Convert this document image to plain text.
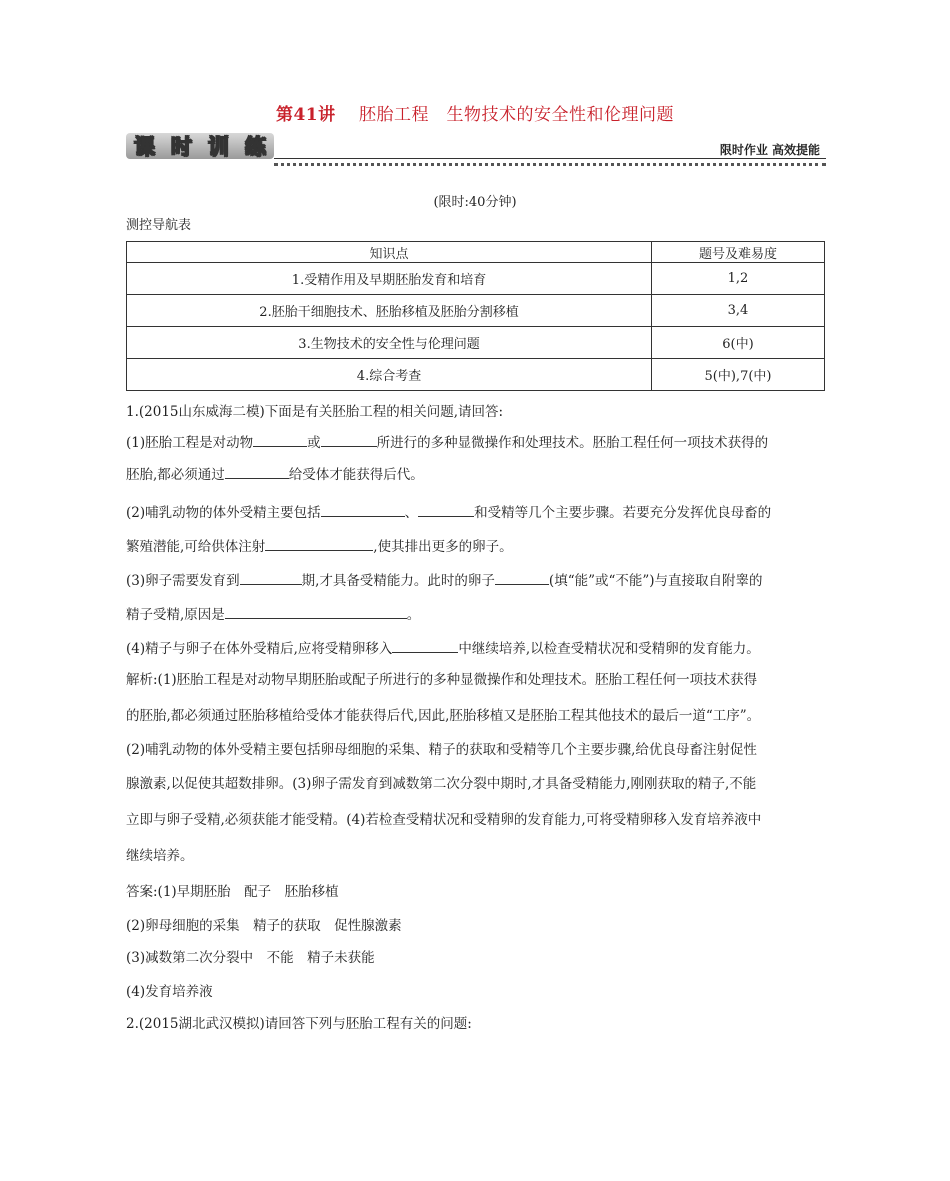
第41讲　 胚胎工程　生物技术的安全性和伦理问题
课 时 训 练	限时作业 高效提能
(限时:40分钟)
测控导航表
知识点	题号及难易度
1.受精作用及早期胚胎发育和培育	1,2
2.胚胎干细胞技术、胚胎移植及胚胎分割移植	3,4
3.生物技术的安全性与伦理问题	6(中)
4.综合考查	5(中),7(中)
1.(2015山东威海二模)下面是有关胚胎工程的相关问题,请回答:
(1)胚胎工程是对动物	或	所进行的多种显微操作和处理技术。胚胎工程任何一项技术获得的
胚胎,都必须通过	给受体才能获得后代。
(2)哺乳动物的体外受精主要包括	、	和受精等几个主要步骤。若要充分发挥优良母畜的
繁殖潜能,可给供体注射	,使其排出更多的卵子。
(3)卵子需要发育到	期,才具备受精能力。此时的卵子	(填“能”或“不能”)与直接取自附睾的
精子受精,原因是	。
(4)精子与卵子在体外受精后,应将受精卵移入	中继续培养,以检查受精状况和受精卵的发育能力。
解析:(1)胚胎工程是对动物早期胚胎或配子所进行的多种显微操作和处理技术。胚胎工程任何一项技术获得
的胚胎,都必须通过胚胎移植给受体才能获得后代,因此,胚胎移植又是胚胎工程其他技术的最后一道“工序”。
(2)哺乳动物的体外受精主要包括卵母细胞的采集、精子的获取和受精等几个主要步骤,给优良母畜注射促性
腺激素,以促使其超数排卵。(3)卵子需发育到减数第二次分裂中期时,才具备受精能力,刚刚获取的精子,不能
立即与卵子受精,必须获能才能受精。(4)若检查受精状况和受精卵的发育能力,可将受精卵移入发育培养液中
继续培养。
答案:(1)早期胚胎　配子　胚胎移植
(2)卵母细胞的采集　精子的获取　促性腺激素
(3)减数第二次分裂中　不能　精子未获能
(4)发育培养液
2.(2015湖北武汉模拟)请回答下列与胚胎工程有关的问题:
